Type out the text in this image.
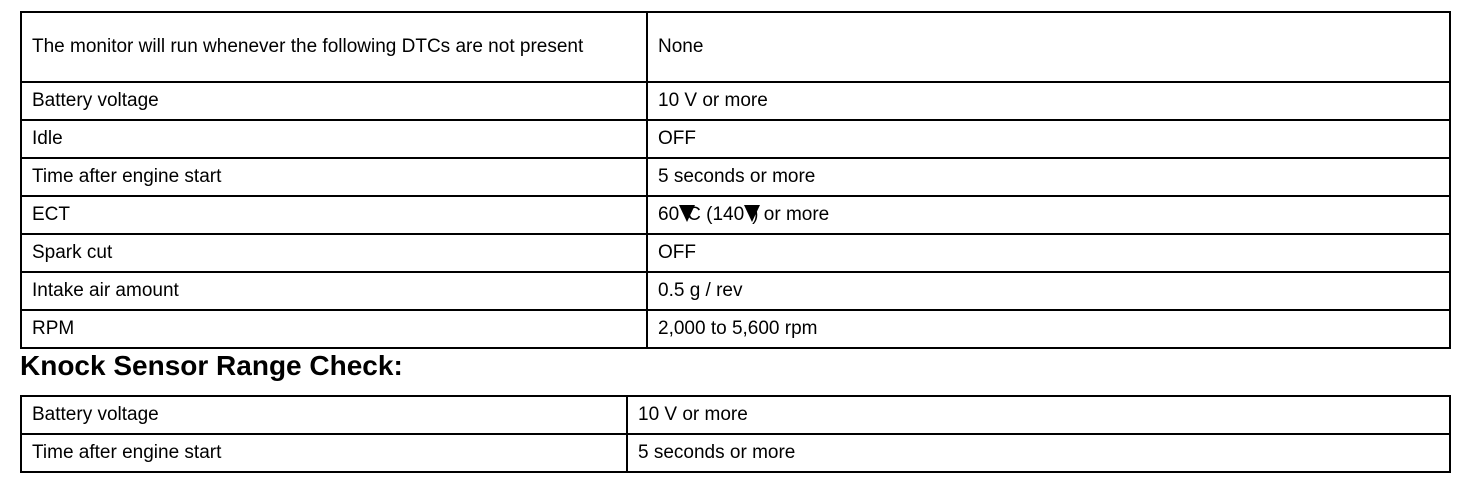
The monitor will run whenever the following DTCs are not present	None
Battery voltage	10 V or more
Idle	OFF
Time after engine start	5 seconds or more
ECT	60 C (140 ) or more
Spark cut	OFF
Intake air amount	0.5 g / rev
RPM	2,000 to 5,600 rpm
Knock Sensor Range Check:
Battery voltage	10 V or more
Time after engine start	5 seconds or more
